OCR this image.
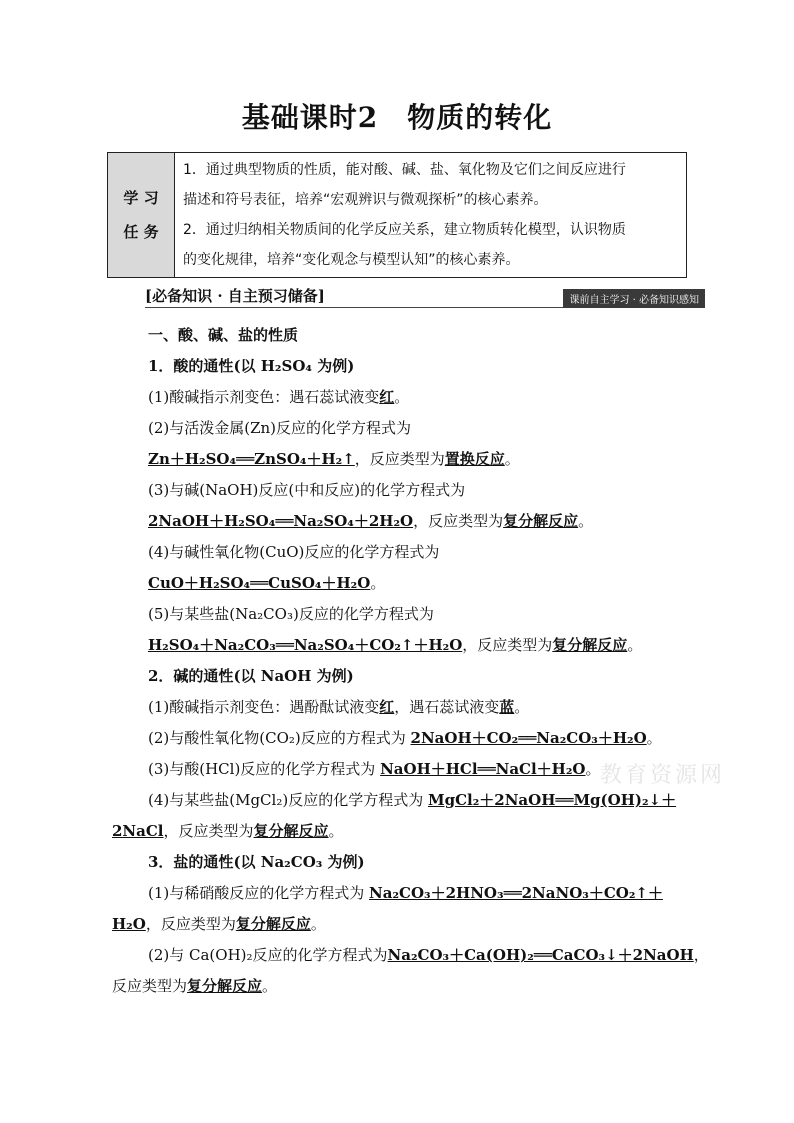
基础课时2　物质的转化
学 习
任 务
1．通过典型物质的性质，能对酸、碱、盐、氧化物及它们之间反应进行
描述和符号表征，培养“宏观辨识与微观探析”的核心素养。
2．通过归纳相关物质间的化学反应关系，建立物质转化模型，认识物质
的变化规律，培养“变化观念与模型认知”的核心素养。
[必备知识 · 自主预习储备]	课前自主学习 · 必备知识感知
一、酸、碱、盐的性质
1．酸的通性(以 H₂SO₄ 为例)
(1)酸碱指示剂变色：遇石蕊试液变红。
(2)与活泼金属(Zn)反应的化学方程式为
Zn＋H₂SO₄══ZnSO₄＋H₂↑，反应类型为置换反应。
(3)与碱(NaOH)反应(中和反应)的化学方程式为
2NaOH＋H₂SO₄══Na₂SO₄＋2H₂O，反应类型为复分解反应。
(4)与碱性氧化物(CuO)反应的化学方程式为
CuO＋H₂SO₄══CuSO₄＋H₂O。
(5)与某些盐(Na₂CO₃)反应的化学方程式为
H₂SO₄＋Na₂CO₃══Na₂SO₄＋CO₂↑＋H₂O，反应类型为复分解反应。
2．碱的通性(以 NaOH 为例)
(1)酸碱指示剂变色：遇酚酞试液变红，遇石蕊试液变蓝。
(2)与酸性氧化物(CO₂)反应的方程式为 2NaOH＋CO₂══Na₂CO₃＋H₂O。
(3)与酸(HCl)反应的化学方程式为 NaOH＋HCl══NaCl＋H₂O。
(4)与某些盐(MgCl₂)反应的化学方程式为 MgCl₂＋2NaOH══Mg(OH)₂↓＋
2NaCl，反应类型为复分解反应。
3．盐的通性(以 Na₂CO₃ 为例)
(1)与稀硝酸反应的化学方程式为 Na₂CO₃＋2HNO₃══2NaNO₃＋CO₂↑＋
H₂O，反应类型为复分解反应。
(2)与 Ca(OH)₂反应的化学方程式为Na₂CO₃＋Ca(OH)₂══CaCO₃↓＋2NaOH，
反应类型为复分解反应。
教育资源网
